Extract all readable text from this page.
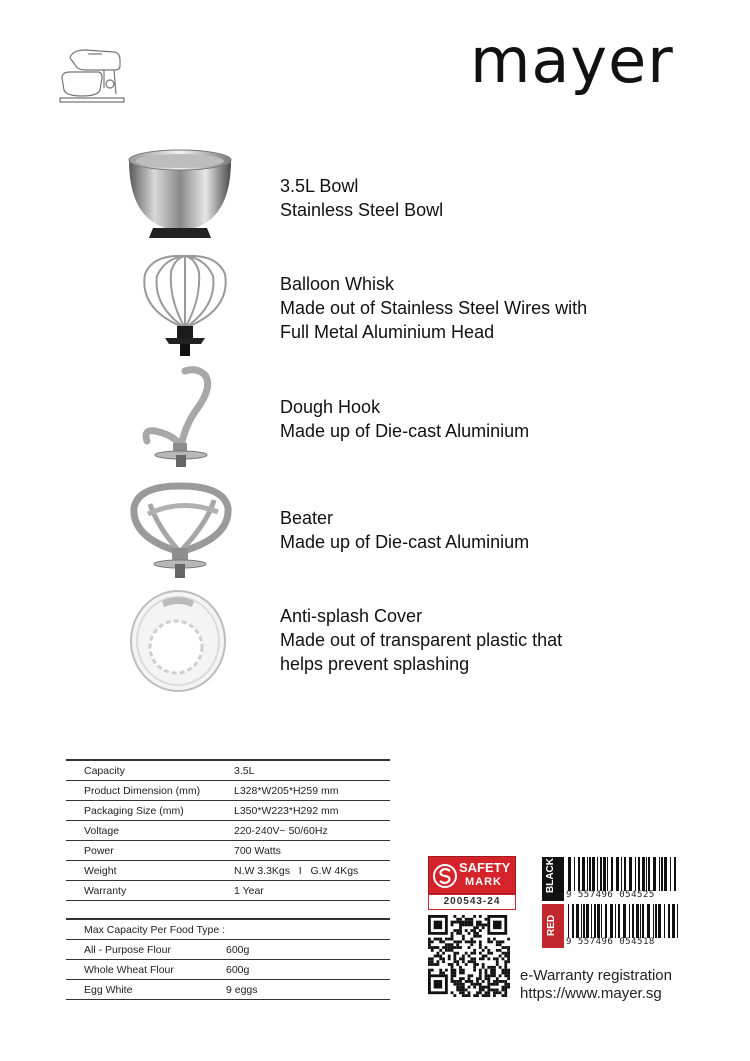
mayer
3.5L Bowl
Stainless Steel Bowl
Balloon Whisk
Made out of Stainless Steel Wires with
Full Metal Aluminium Head
Dough Hook
Made up of Die-cast Aluminium
Beater
Made up of Die-cast Aluminium
Anti-splash Cover
Made out of transparent plastic that
helps prevent splashing
Capacity	3.5L
Product Dimension (mm)	L328*W205*H259 mm
Packaging Size (mm)	L350*W223*H292 mm
Voltage	220-240V~ 50/60Hz
Power	700 Watts
Weight	N.W 3.3Kgs   I   G.W 4Kgs
Warranty	1 Year
Max Capacity Per Food Type :	
All - Purpose Flour	600g
Whole Wheat Flour	600g
Egg White	9 eggs
SAFETY
MARK
200543-24
BLACK
9 557496 054525
RED
9 557496 054518
e-Warranty registration
https://www.mayer.sg
